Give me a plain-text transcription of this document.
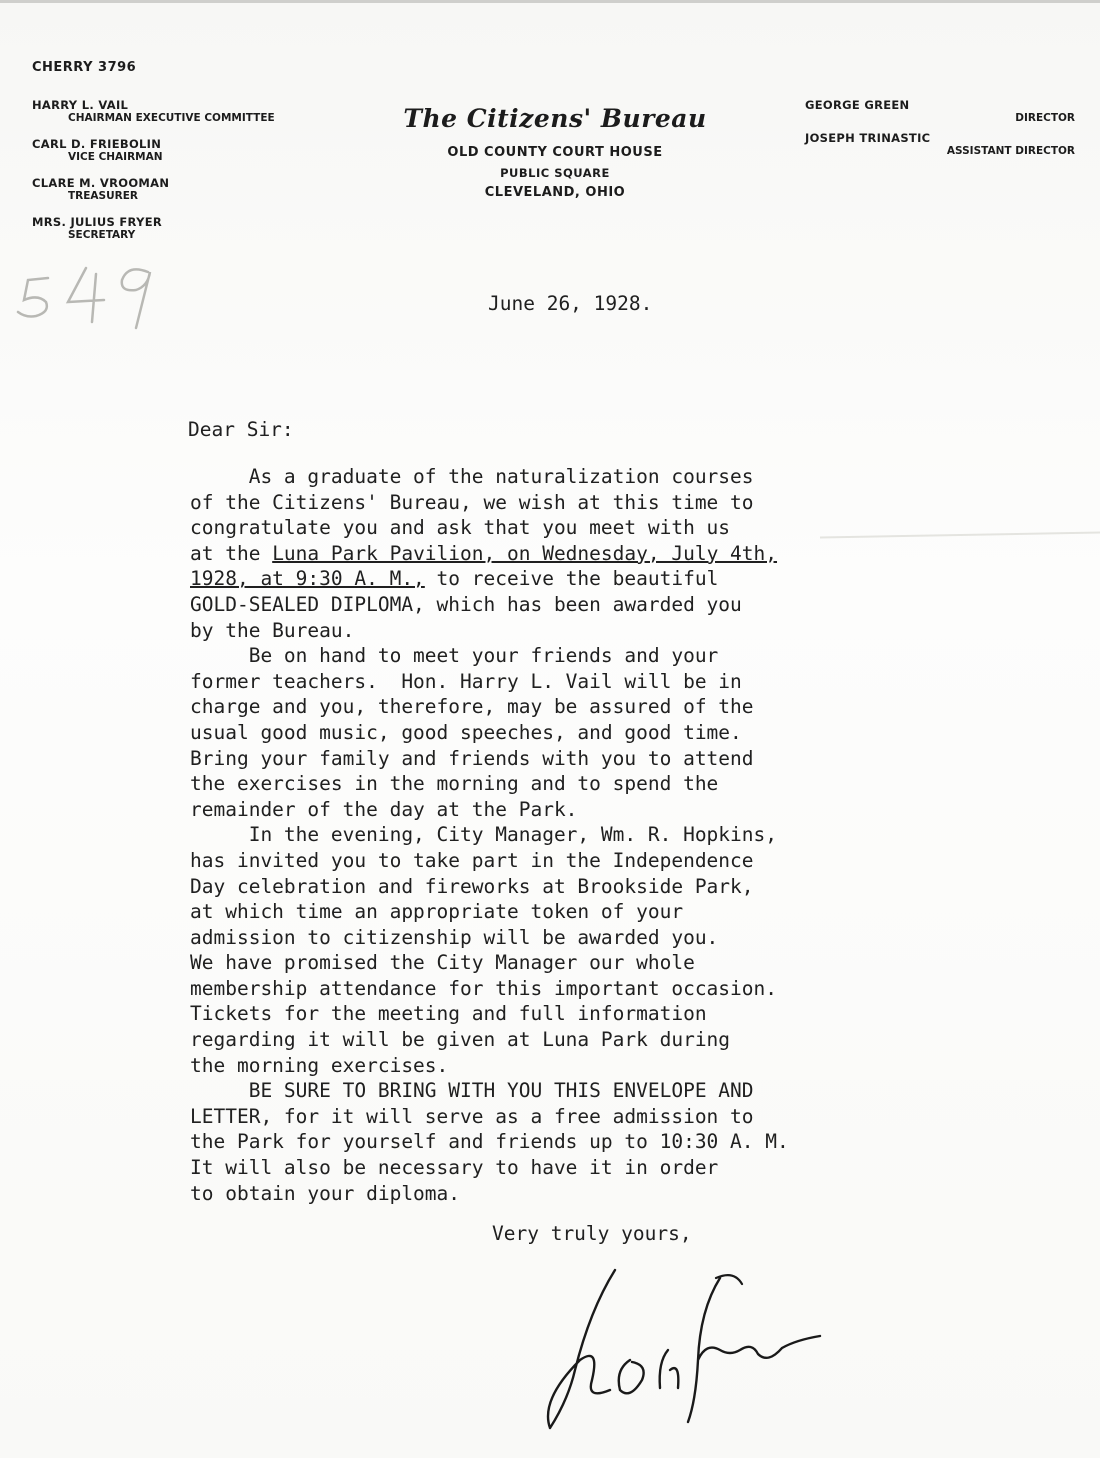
CHERRY 3796
HARRY L. VAIL
CHAIRMAN EXECUTIVE COMMITTEE
CARL D. FRIEBOLIN
VICE CHAIRMAN
CLARE M. VROOMAN
TREASURER
MRS. JULIUS FRYER
SECRETARY
The Citizens' Bureau
OLD COUNTY COURT HOUSE
PUBLIC SQUARE
CLEVELAND, OHIO
GEORGE GREEN
DIRECTOR
JOSEPH TRINASTIC
ASSISTANT DIRECTOR
June 26, 1928.
Dear Sir:
As a graduate of the naturalization courses
of the Citizens' Bureau, we wish at this time to
congratulate you and ask that you meet with us
at the Luna Park Pavilion, on Wednesday, July 4th,
1928, at 9:30 A. M., to receive the beautiful
GOLD-SEALED DIPLOMA, which has been awarded you
by the Bureau.
Be on hand to meet your friends and your
former teachers.  Hon. Harry L. Vail will be in
charge and you, therefore, may be assured of the
usual good music, good speeches, and good time.
Bring your family and friends with you to attend
the exercises in the morning and to spend the
remainder of the day at the Park.
In the evening, City Manager, Wm. R. Hopkins,
has invited you to take part in the Independence
Day celebration and fireworks at Brookside Park,
at which time an appropriate token of your
admission to citizenship will be awarded you.
We have promised the City Manager our whole
membership attendance for this important occasion.
Tickets for the meeting and full information
regarding it will be given at Luna Park during
the morning exercises.
BE SURE TO BRING WITH YOU THIS ENVELOPE AND
LETTER, for it will serve as a free admission to
the Park for yourself and friends up to 10:30 A. M.
It will also be necessary to have it in order
to obtain your diploma.
Very truly yours,
